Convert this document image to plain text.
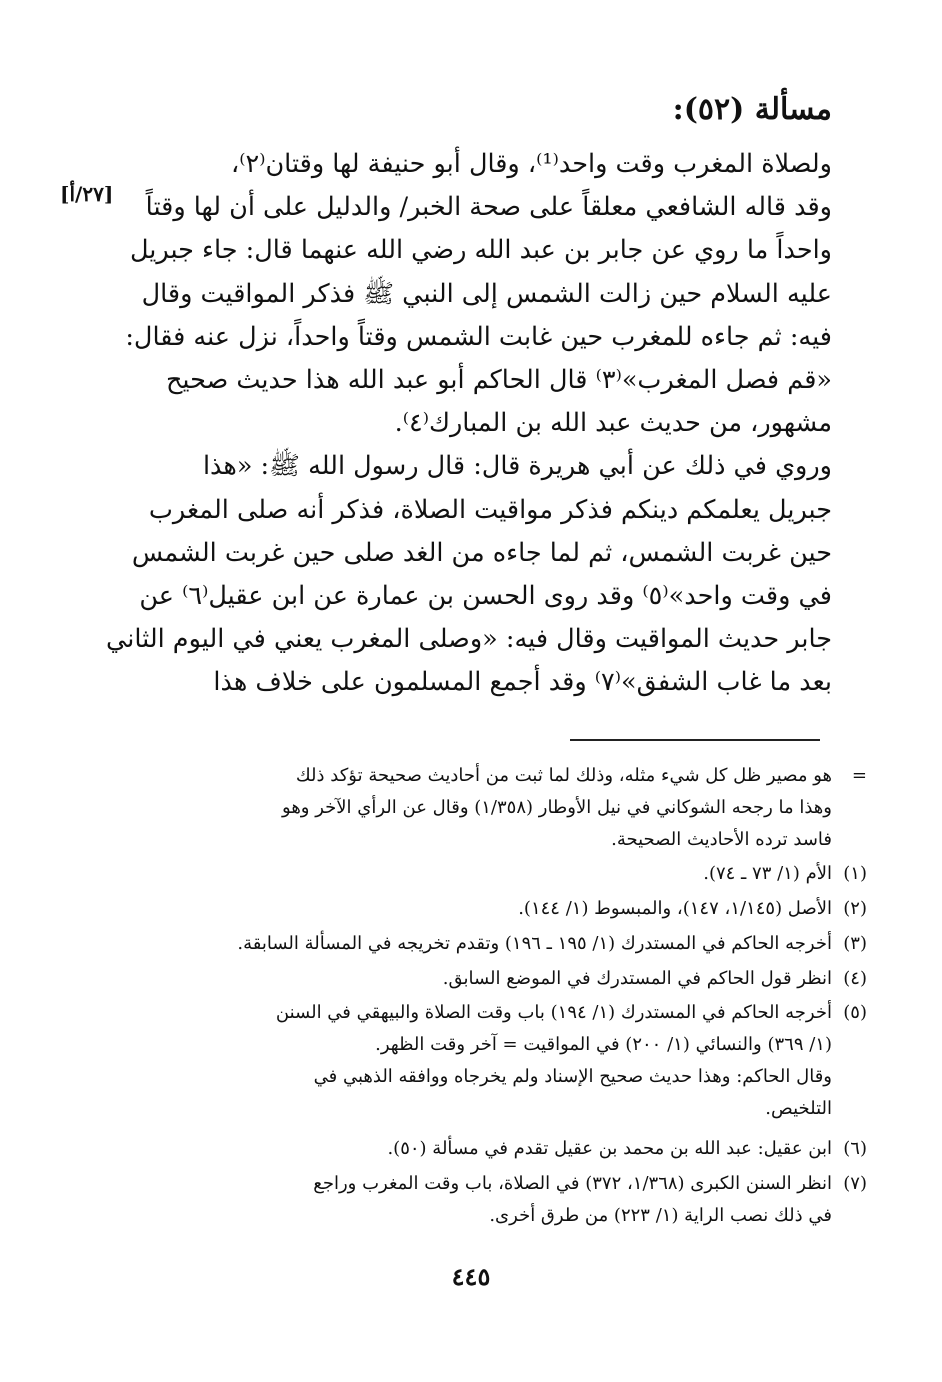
مسألة (٥٢):
[٢٧/أ]
ولصلاة المغرب وقت واحد⁽¹⁾، وقال أبو حنيفة لها وقتان⁽٢⁾،
وقد قاله الشافعي معلقاً على صحة الخبر/ والدليل على أن لها وقتاً
واحداً ما روي عن جابر بن عبد الله رضي الله عنهما قال: جاء جبريل
عليه السلام حين زالت الشمس إلى النبي ﷺ فذكر المواقيت وقال
فيه: ثم جاءه للمغرب حين غابت الشمس وقتاً واحداً، نزل عنه فقال:
«قم فصل المغرب»⁽٣⁾ قال الحاكم أبو عبد الله هذا حديث صحيح
مشهور، من حديث عبد الله بن المبارك⁽٤⁾.
وروي في ذلك عن أبي هريرة قال: قال رسول الله ﷺ: «هذا
جبريل يعلمكم دينكم فذكر مواقيت الصلاة، فذكر أنه صلى المغرب
حين غربت الشمس، ثم لما جاءه من الغد صلى حين غربت الشمس
في وقت واحد»⁽٥⁾ وقد روى الحسن بن عمارة عن ابن عقيل⁽٦⁾ عن
جابر حديث المواقيت وقال فيه: «وصلى المغرب يعني في اليوم الثاني
بعد ما غاب الشفق»⁽٧⁾ وقد أجمع المسلمون على خلاف هذا
=
هو مصير ظل كل شيء مثله، وذلك لما ثبت من أحاديث صحيحة تؤكد ذلك
وهذا ما رجحه الشوكاني في نيل الأوطار (١/٣٥٨) وقال عن الرأي الآخر وهو
فاسد ترده الأحاديث الصحيحة.
(١)
الأم (١/ ٧٣ ـ ٧٤).
(٢)
الأصل (١/١٤٥، ١٤٧)، والمبسوط (١/ ١٤٤).
(٣)
أخرجه الحاكم في المستدرك (١/ ١٩٥ ـ ١٩٦) وتقدم تخريجه في المسألة السابقة.
(٤)
انظر قول الحاكم في المستدرك في الموضع السابق.
(٥)
أخرجه الحاكم في المستدرك (١/ ١٩٤) باب وقت الصلاة والبيهقي في السنن
(١/ ٣٦٩) والنسائي (١/ ٢٠٠) في المواقيت = آخر وقت الظهر.
وقال الحاكم: وهذا حديث صحيح الإسناد ولم يخرجاه ووافقه الذهبي في
التلخيص.
(٦)
ابن عقيل: عبد الله بن محمد بن عقيل تقدم في مسألة (٥٠).
(٧)
انظر السنن الكبرى (١/٣٦٨، ٣٧٢) في الصلاة، باب وقت المغرب وراجع
في ذلك نصب الراية (١/ ٢٢٣) من طرق أخرى.
٤٤٥
